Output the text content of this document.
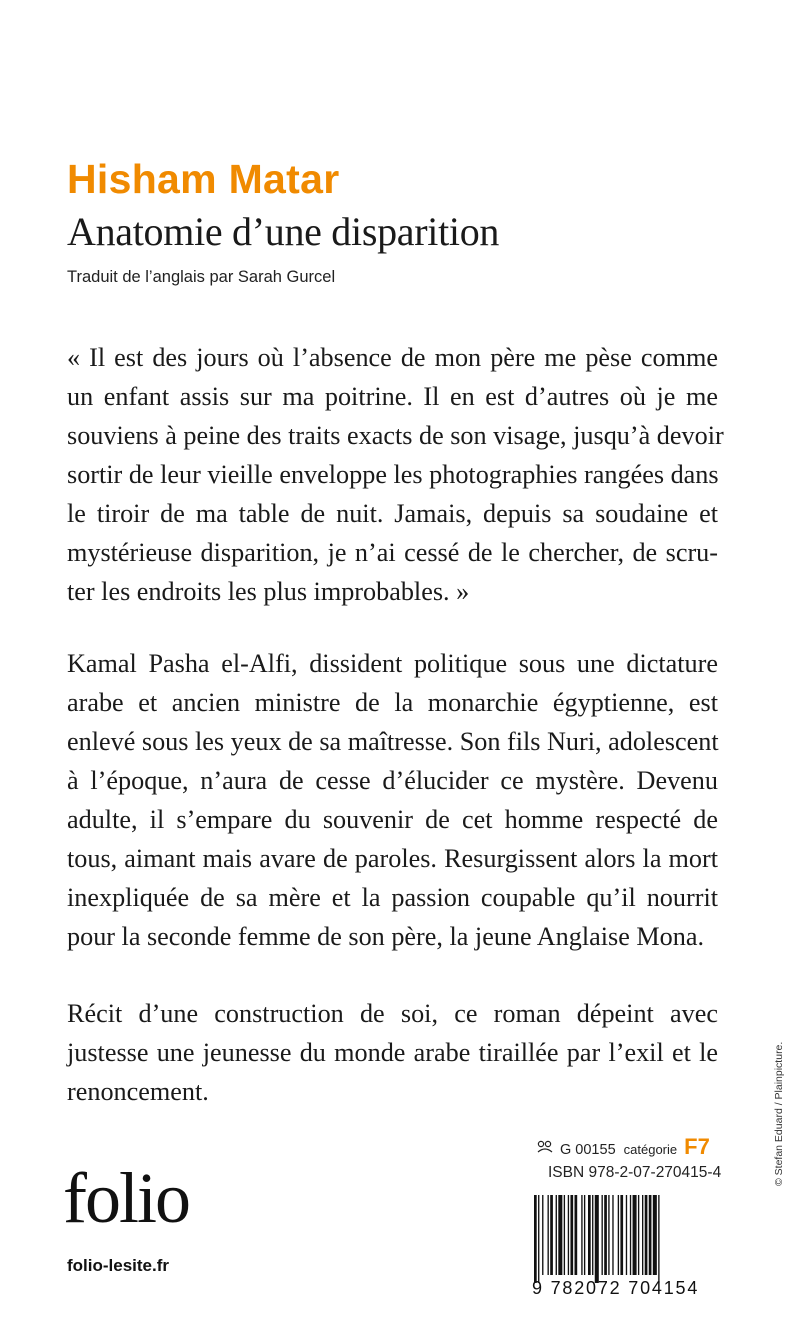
Hisham Matar
Anatomie d’une disparition
Traduit de l’anglais par Sarah Gurcel
« Il est des jours où l’absence de mon père me pèse comme
un enfant assis sur ma poitrine. Il en est d’autres où je me
souviens à peine des traits exacts de son visage, jusqu’à devoir
sortir de leur vieille enveloppe les photographies rangées dans
le tiroir de ma table de nuit. Jamais, depuis sa soudaine et
mystérieuse disparition, je n’ai cessé de le chercher, de scru-
ter les endroits les plus improbables. »
Kamal Pasha el-Alfi, dissident politique sous une dictature
arabe et ancien ministre de la monarchie égyptienne, est
enlevé sous les yeux de sa maîtresse. Son fils Nuri, adolescent
à l’époque, n’aura de cesse d’élucider ce mystère. Devenu
adulte, il s’empare du souvenir de cet homme respecté de
tous, aimant mais avare de paroles. Resurgissent alors la mort
inexpliquée de sa mère et la passion coupable qu’il nourrit
pour la seconde femme de son père, la jeune Anglaise Mona.
Récit d’une construction de soi, ce roman dépeint avec
justesse une jeunesse du monde arabe tiraillée par l’exil et le
renoncement.
G 00155 catégorie F7
ISBN 978-2-07-270415-4
9 782072 704154
folio
folio-lesite.fr
© Stefan Eduard / Plainpicture.
